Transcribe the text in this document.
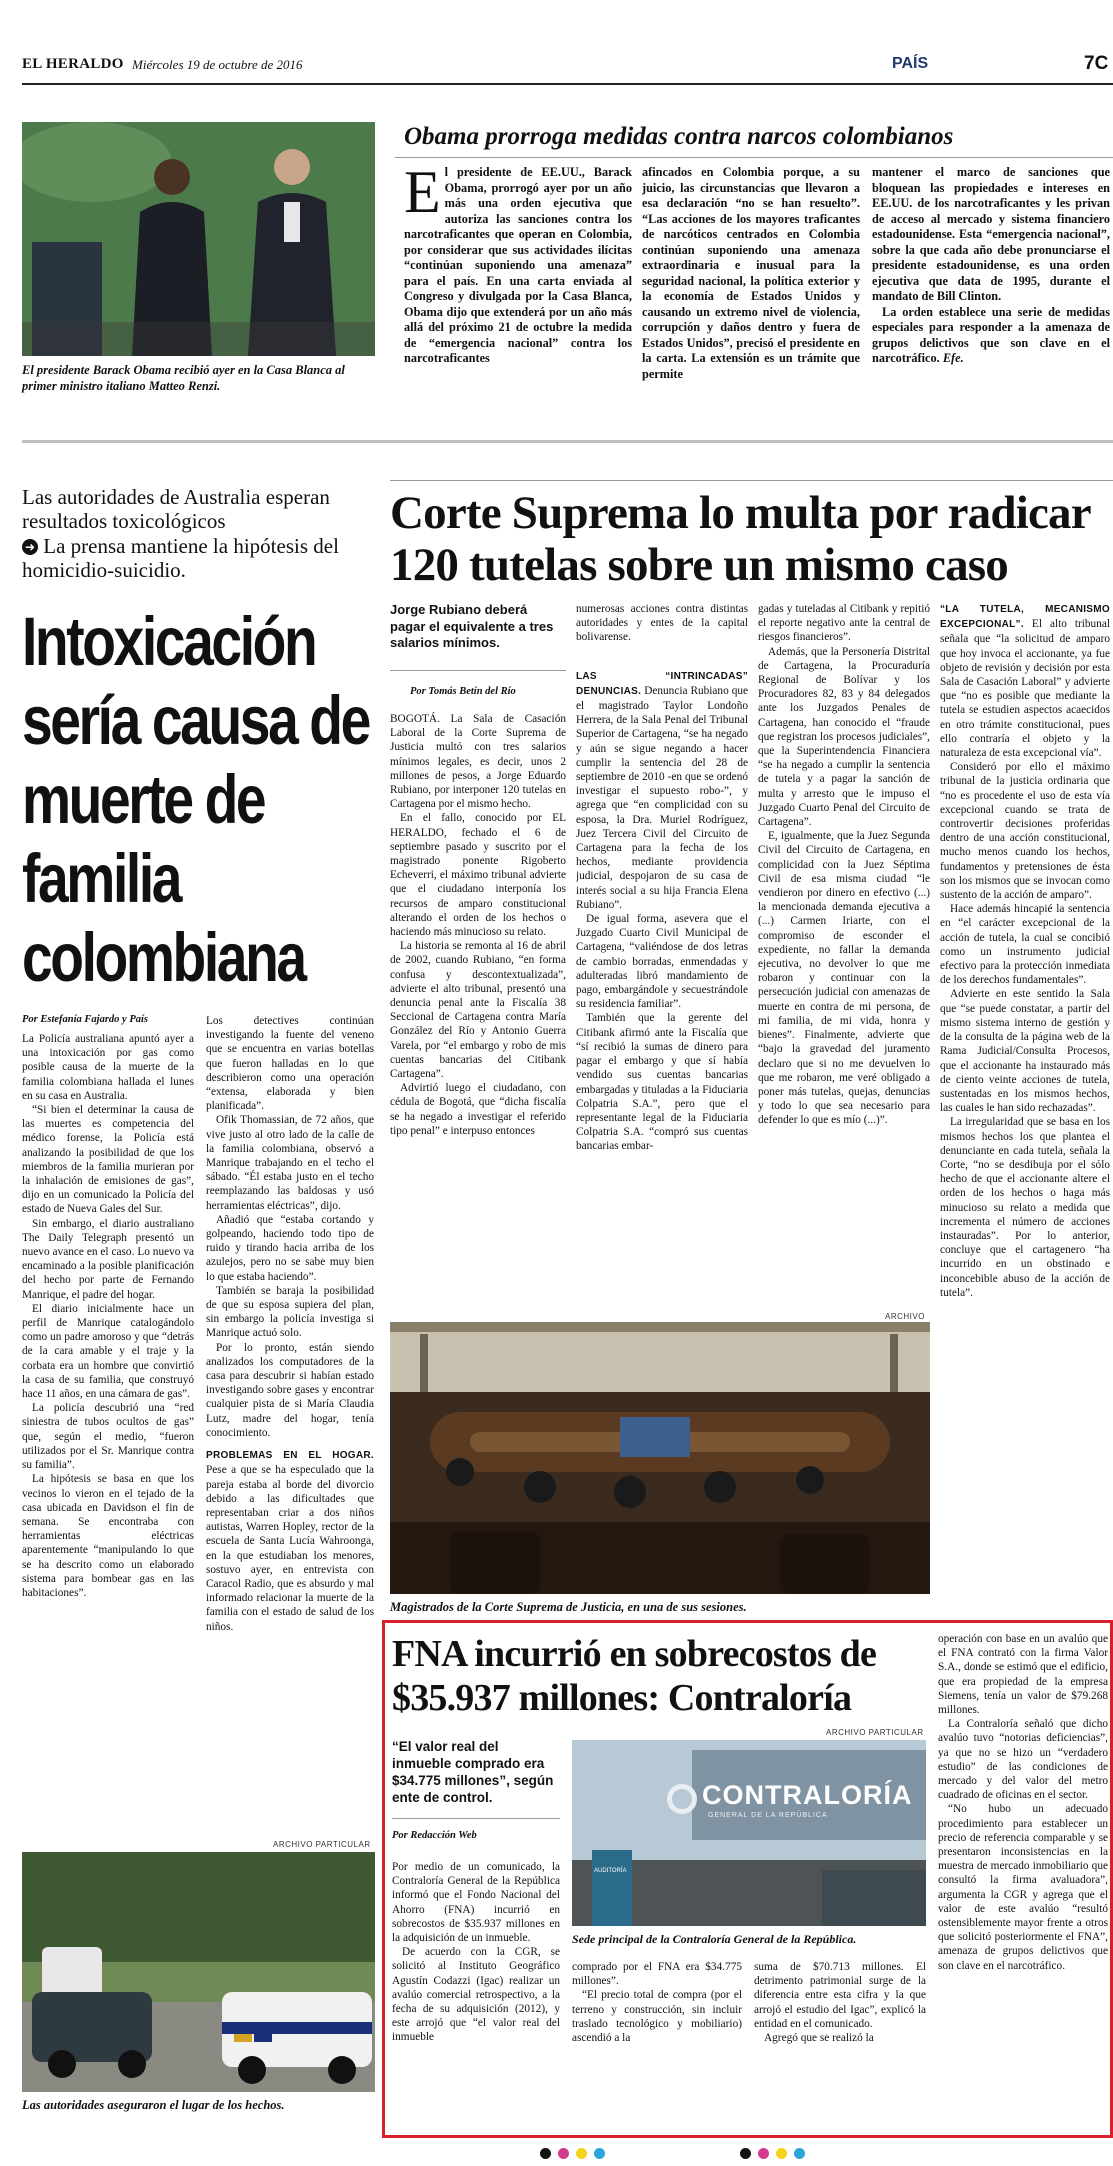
EL HERALDO Miércoles 19 de octubre de 2016	PAÍS	7C
El presidente Barack Obama recibió ayer en la Casa Blanca al primer ministro italiano Matteo Renzi.
Obama prorroga medidas contra narcos colombianos
E l presidente de EE.UU., Barack Obama, prorrogó ayer por un año más una orden ejecutiva que autoriza las sanciones contra los narcotraficantes que operan en Colombia, por considerar que sus actividades ilícitas “continúan suponiendo una amenaza” para el país. En una carta enviada al Congreso y divulgada por la Casa Blanca, Obama dijo que extenderá por un año más allá del próximo 21 de octubre la medida de “emergencia nacional” contra los narcotraficantes

afincados en Colombia porque, a su juicio, las circunstancias que llevaron a esa declaración “no se han resuelto”. “Las acciones de los mayores traficantes de narcóticos centrados en Colombia continúan suponiendo una amenaza extraordinaria e inusual para la seguridad nacional, la política exterior y la economía de Estados Unidos y causando un extremo nivel de violencia, corrupción y daños dentro y fuera de Estados Unidos”, precisó el presidente en la carta. La extensión es un trámite que permite

mantener el marco de sanciones que bloquean las propiedades e intereses en EE.UU. de los narcotraficantes y les privan de acceso al mercado y sistema financiero estadounidense. Esta “emergencia nacional”, sobre la que cada año debe pronunciarse el presidente estadounidense, es una orden ejecutiva que data de 1995, durante el mandato de Bill Clinton.

La orden establece una serie de medidas especiales para responder a la amenaza de grupos delictivos que son clave en el narcotráfico. Efe.

Las autoridades de Australia esperan resultados toxicológicos
➜ La prensa mantiene la hipótesis del homicidio-suicidio.
Intoxicación sería causa de muerte de familia colombiana
Por Estefanía Fajardo y País

La Policía australiana apuntó ayer a una intoxicación por gas como posible causa de la muerte de la familia colombiana hallada el lunes en su casa en Australia.

“Si bien el determinar la causa de las muertes es competencia del médico forense, la Policía está analizando la posibilidad de que los miembros de la familia murieran por la inhalación de emisiones de gas”, dijo en un comunicado la Policía del estado de Nueva Gales del Sur.

Sin embargo, el diario australiano The Daily Telegraph presentó un nuevo avance en el caso. Lo nuevo va encaminado a la posible planificación del hecho por parte de Fernando Manrique, el padre del hogar.

El diario inicialmente hace un perfil de Manrique catalogándolo como un padre amoroso y que “detrás de la cara amable y el traje y la corbata era un hombre que convirtió la casa de su familia, que construyó hace 11 años, en una cámara de gas”.

La policía descubrió una “red siniestra de tubos ocultos de gas” que, según el medio, “fueron utilizados por el Sr. Manrique contra su familia”.

La hipótesis se basa en que los vecinos lo vieron en el tejado de la casa ubicada en Davidson el fin de semana. Se encontraba con herramientas eléctricas aparentemente “manipulando lo que se ha descrito como un elaborado sistema para bombear gas en las habitaciones”.

Los detectives continúan investigando la fuente del veneno que se encuentra en varias botellas que fueron halladas en lo que describieron como una operación “extensa, elaborada y bien planificada”.

Ofik Thomassian, de 72 años, que vive justo al otro lado de la calle de la familia colombiana, observó a Manrique trabajando en el techo el sábado. “Él estaba justo en el techo reemplazando las baldosas y usó herramientas eléctricas”, dijo.

Añadió que “estaba cortando y golpeando, haciendo todo tipo de ruido y tirando hacia arriba de los azulejos, pero no se sabe muy bien lo que estaba haciendo”.

También se baraja la posibilidad de que su esposa supiera del plan, sin embargo la policía investiga si Manrique actuó solo.

Por lo pronto, están siendo analizados los computadores de la casa para descubrir si habían estado investigando sobre gases y encontrar cualquier pista de si María Claudia Lutz, madre del hogar, tenía conocimiento.

PROBLEMAS EN EL HOGAR. Pese a que se ha especulado que la pareja estaba al borde del divorcio debido a las dificultades que representaban criar a dos niños autistas, Warren Hopley, rector de la escuela de Santa Lucía Wahroonga, en la que estudiaban los menores, sostuvo ayer, en entrevista con Caracol Radio, que es absurdo y mal informado relacionar la muerte de la familia con el estado de salud de los niños.

ARCHIVO PARTICULAR
Las autoridades aseguraron el lugar de los hechos.
Corte Suprema lo multa por radicar 120 tutelas sobre un mismo caso
Jorge Rubiano deberá pagar el equivalente a tres salarios mínimos.
Por Tomás Betín del Río

BOGOTÁ. La Sala de Casación Laboral de la Corte Suprema de Justicia multó con tres salarios mínimos legales, es decir, unos 2 millones de pesos, a Jorge Eduardo Rubiano, por interponer 120 tutelas en Cartagena por el mismo hecho.

En el fallo, conocido por EL HERALDO, fechado el 6 de septiembre pasado y suscrito por el magistrado ponente Rigoberto Echeverri, el máximo tribunal advierte que el ciudadano interponía los recursos de amparo constitucional alterando el orden de los hechos o haciendo más minucioso su relato.

La historia se remonta al 16 de abril de 2002, cuando Rubiano, “en forma confusa y descontextualizada”, advierte el alto tribunal, presentó una denuncia penal ante la Fiscalía 38 Seccional de Cartagena contra María González del Río y Antonio Guerra Varela, por “el embargo y robo de mis cuentas bancarias del Citibank Cartagena”.

Advirtió luego el ciudadano, con cédula de Bogotá, que “dicha fiscalía se ha negado a investigar el referido tipo penal” e interpuso entonces

numerosas acciones contra distintas autoridades y entes de la capital bolivarense.

LAS “INTRINCADAS” DENUNCIAS. Denuncia Rubiano que el magistrado Taylor Londoño Herrera, de la Sala Penal del Tribunal Superior de Cartagena, “se ha negado y aún se sigue negando a hacer cumplir la sentencia del 28 de septiembre de 2010 -en que se ordenó investigar el supuesto robo-”, y agrega que “en complicidad con su esposa, la Dra. Muriel Rodríguez, Juez Tercera Civil del Circuito de Cartagena para la fecha de los hechos, mediante providencia judicial, despojaron de su casa de interés social a su hija Francia Elena Rubiano”.

De igual forma, asevera que el Juzgado Cuarto Civil Municipal de Cartagena, “valiéndose de dos letras de cambio borradas, enmendadas y adulteradas libró mandamiento de pago, embargándole y secuestrándole su residencia familiar”.

También que la gerente del Citibank afirmó ante la Fiscalía que “sí recibió la sumas de dinero para pagar el embargo y que sí había vendido sus cuentas bancarias embargadas y tituladas a la Fiduciaria Colpatria S.A.”, pero que el representante legal de la Fiduciaria Colpatria S.A. “compró sus cuentas bancarias embar-

gadas y tuteladas al Citibank y repitió el reporte negativo ante la central de riesgos financieros”.

Además, que la Personería Distrital de Cartagena, la Procuraduría Regional de Bolívar y los Procuradores 82, 83 y 84 delegados ante los Juzgados Penales de Cartagena, han conocido el “fraude que registran los procesos judiciales”, que la Superintendencia Financiera “se ha negado a cumplir la sentencia de tutela y a pagar la sanción de multa y arresto que le impuso el Juzgado Cuarto Penal del Circuito de Cartagena”.

E, igualmente, que la Juez Segunda Civil del Circuito de Cartagena, en complicidad con la Juez Séptima Civil de esa misma ciudad “le vendieron por dinero en efectivo (...) la mencionada demanda ejecutiva a (...) Carmen Iriarte, con el compromiso de esconder el expediente, no fallar la demanda ejecutiva, no devolver lo que me robaron y continuar con la persecución judicial con amenazas de muerte en contra de mi persona, de mi familia, de mi vida, honra y bienes”. Finalmente, advierte que “bajo la gravedad del juramento declaro que si no me devuelven lo que me robaron, me veré obligado a poner más tutelas, quejas, denuncias y todo lo que sea necesario para defender lo que es mío (...)”.

“LA TUTELA, MECANISMO EXCEPCIONAL”. El alto tribunal señala que “la solicitud de amparo que hoy invoca el accionante, ya fue objeto de revisión y decisión por esta Sala de Casación Laboral” y advierte que “no es posible que mediante la tutela se estudien aspectos acaecidos en otro trámite constitucional, pues ello contraría el objeto y la naturaleza de esta excepcional vía”.

Consideró por ello el máximo tribunal de la justicia ordinaria que “no es procedente el uso de esta vía excepcional cuando se trata de controvertir decisiones proferidas dentro de una acción constitucional, mucho menos cuando los hechos, fundamentos y pretensiones de ésta son los mismos que se invocan como sustento de la acción de amparo”.

Hace además hincapié la sentencia en “el carácter excepcional de la acción de tutela, la cual se concibió como un instrumento judicial efectivo para la protección inmediata de los derechos fundamentales”.

Advierte en este sentido la Sala que “se puede constatar, a partir del mismo sistema interno de gestión y de la consulta de la página web de la Rama Judicial/Consulta Procesos, que el accionante ha instaurado más de ciento veinte acciones de tutela, sustentadas en los mismos hechos, las cuales le han sido rechazadas”.

La irregularidad que se basa en los mismos hechos los que plantea el denunciante en cada tutela, señala la Corte, “no se desdibuja por el sólo hecho de que el accionante altere el orden de los hechos o haga más minucioso su relato a medida que incrementa el número de acciones instauradas”. Por lo anterior, concluye que el cartagenero “ha incurrido en un obstinado e inconcebible abuso de la acción de tutela”.

ARCHIVO
Magistrados de la Corte Suprema de Justicia, en una de sus sesiones.
FNA incurrió en sobrecostos de $35.937 millones: Contraloría
“El valor real del inmueble comprado era $34.775 millones”, según ente de control.
Por Redacción Web

Por medio de un comunicado, la Contraloría General de la República informó que el Fondo Nacional del Ahorro (FNA) incurrió en sobrecostos de $35.937 millones en la adquisición de un inmueble.

De acuerdo con la CGR, se solicitó al Instituto Geográfico Agustín Codazzi (Igac) realizar un avalúo comercial retrospectivo, a la fecha de su adquisición (2012), y este arrojó que “el valor real del inmueble

ARCHIVO PARTICULAR
CONTRALORÍA
GENERAL DE LA REPÚBLICA
AUDITORÍA
Sede principal de la Contraloría General de la República.

comprado por el FNA era $34.775 millones”.

“El precio total de compra (por el terreno y construcción, sin incluir traslado tecnológico y mobiliario) ascendió a la

suma de $70.713 millones. El detrimento patrimonial surge de la diferencia entre esta cifra y la que arrojó el estudio del Igac”, explicó la entidad en el comunicado.

Agregó que se realizó la

operación con base en un avalúo que el FNA contrató con la firma Valor S.A., donde se estimó que el edificio, que era propiedad de la empresa Siemens, tenía un valor de $79.268 millones.

La Contraloría señaló que dicho avalúo tuvo “notorias deficiencias”, ya que no se hizo un “verdadero estudio” de las condiciones de mercado y del valor del metro cuadrado de oficinas en el sector.

“No hubo un adecuado procedimiento para establecer un precio de referencia comparable y se presentaron inconsistencias en la muestra de mercado inmobiliario que consultó la firma avaluadora”, argumenta la CGR y agrega que el valor de este avalúo “resultó ostensiblemente mayor frente a otros que solicitó posteriormente el FNA”, amenaza de grupos delictivos que son clave en el narcotráfico.
